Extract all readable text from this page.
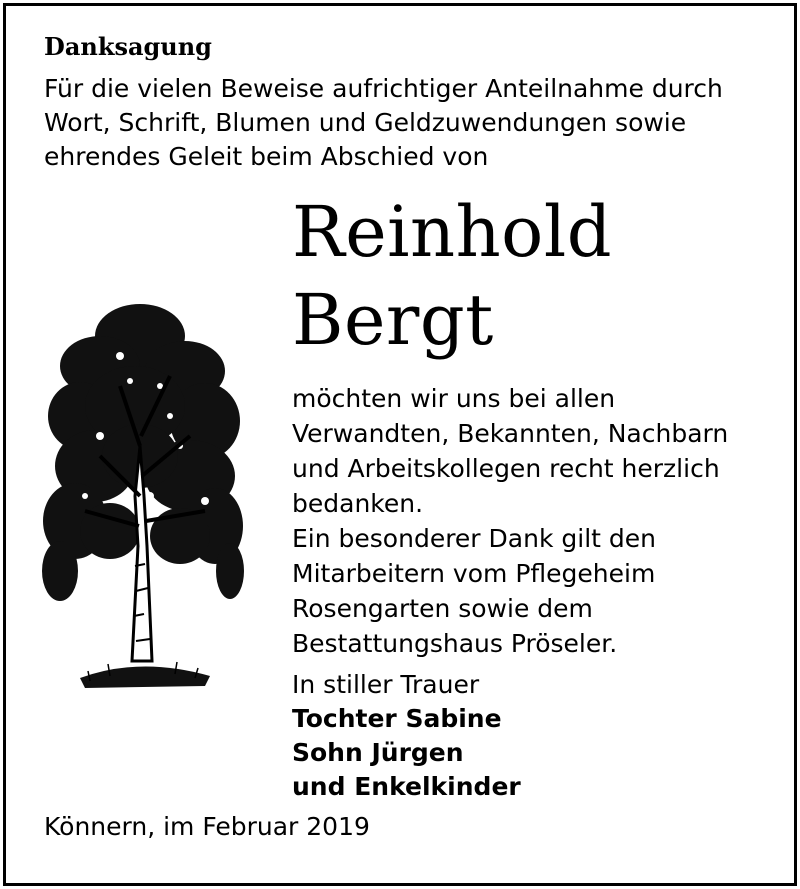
Danksagung
Für die vielen Beweise aufrichtiger Anteilnahme durch
Wort, Schrift, Blumen und Geldzuwendungen sowie
ehrendes Geleit beim Abschied von
Reinhold
Bergt
möchten wir uns bei allen
Verwandten, Bekannten, Nachbarn
und Arbeitskollegen recht herzlich
bedanken.
Ein besonderer Dank gilt den
Mitarbeitern vom Pflegeheim
Rosengarten sowie dem
Bestattungshaus Pröseler.
In stiller Trauer
Tochter Sabine
Sohn Jürgen
und Enkelkinder
Könnern, im Februar 2019
